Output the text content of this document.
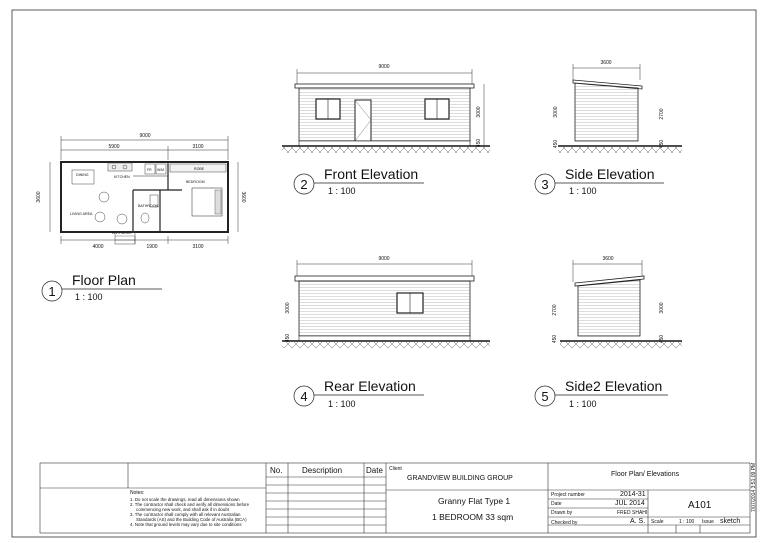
9000
5900	3100
DINING	KITCHEN
BEDROOM
LIVING AREA
BATHROOM
ENTRANCE
FR W/M	ROBE
3600	3600
4000	1900	3100
9000
3000
450
3600
3000	2700
450	450
9000
3000
450
3600
2700	3000
450	450
1
Floor Plan
1 : 100
2
Front Elevation
1 : 100	3
Side Elevation
1 : 100
4
Rear Elevation
1 : 100	5
Side2 Elevation
1 : 100
Notes:
1. Do not scale the drawings, read all dimensions shown
2. The contractor shall check and verify all dimensions before
commencing new work, and shall ask if in doubt
3. The contractor shall comply with all relevant Australian
Standards (AS) and the Building Code of Australia (BCA)
4. Note that ground levels may vary due to site conditions
No. Description	Date Client
GRANDVIEW BUILDING GROUP
Granny Flat Type 1
1 BEDROOM 33 sqm
Floor Plan/ Elevations
Project number	2014-31
Date	JUL 2014
Drawn by	FRED SHAHI
A101
Checked by	A. S. Scale	1 : 100 Issue sketch
7/07/2014 3:51:09 PM
